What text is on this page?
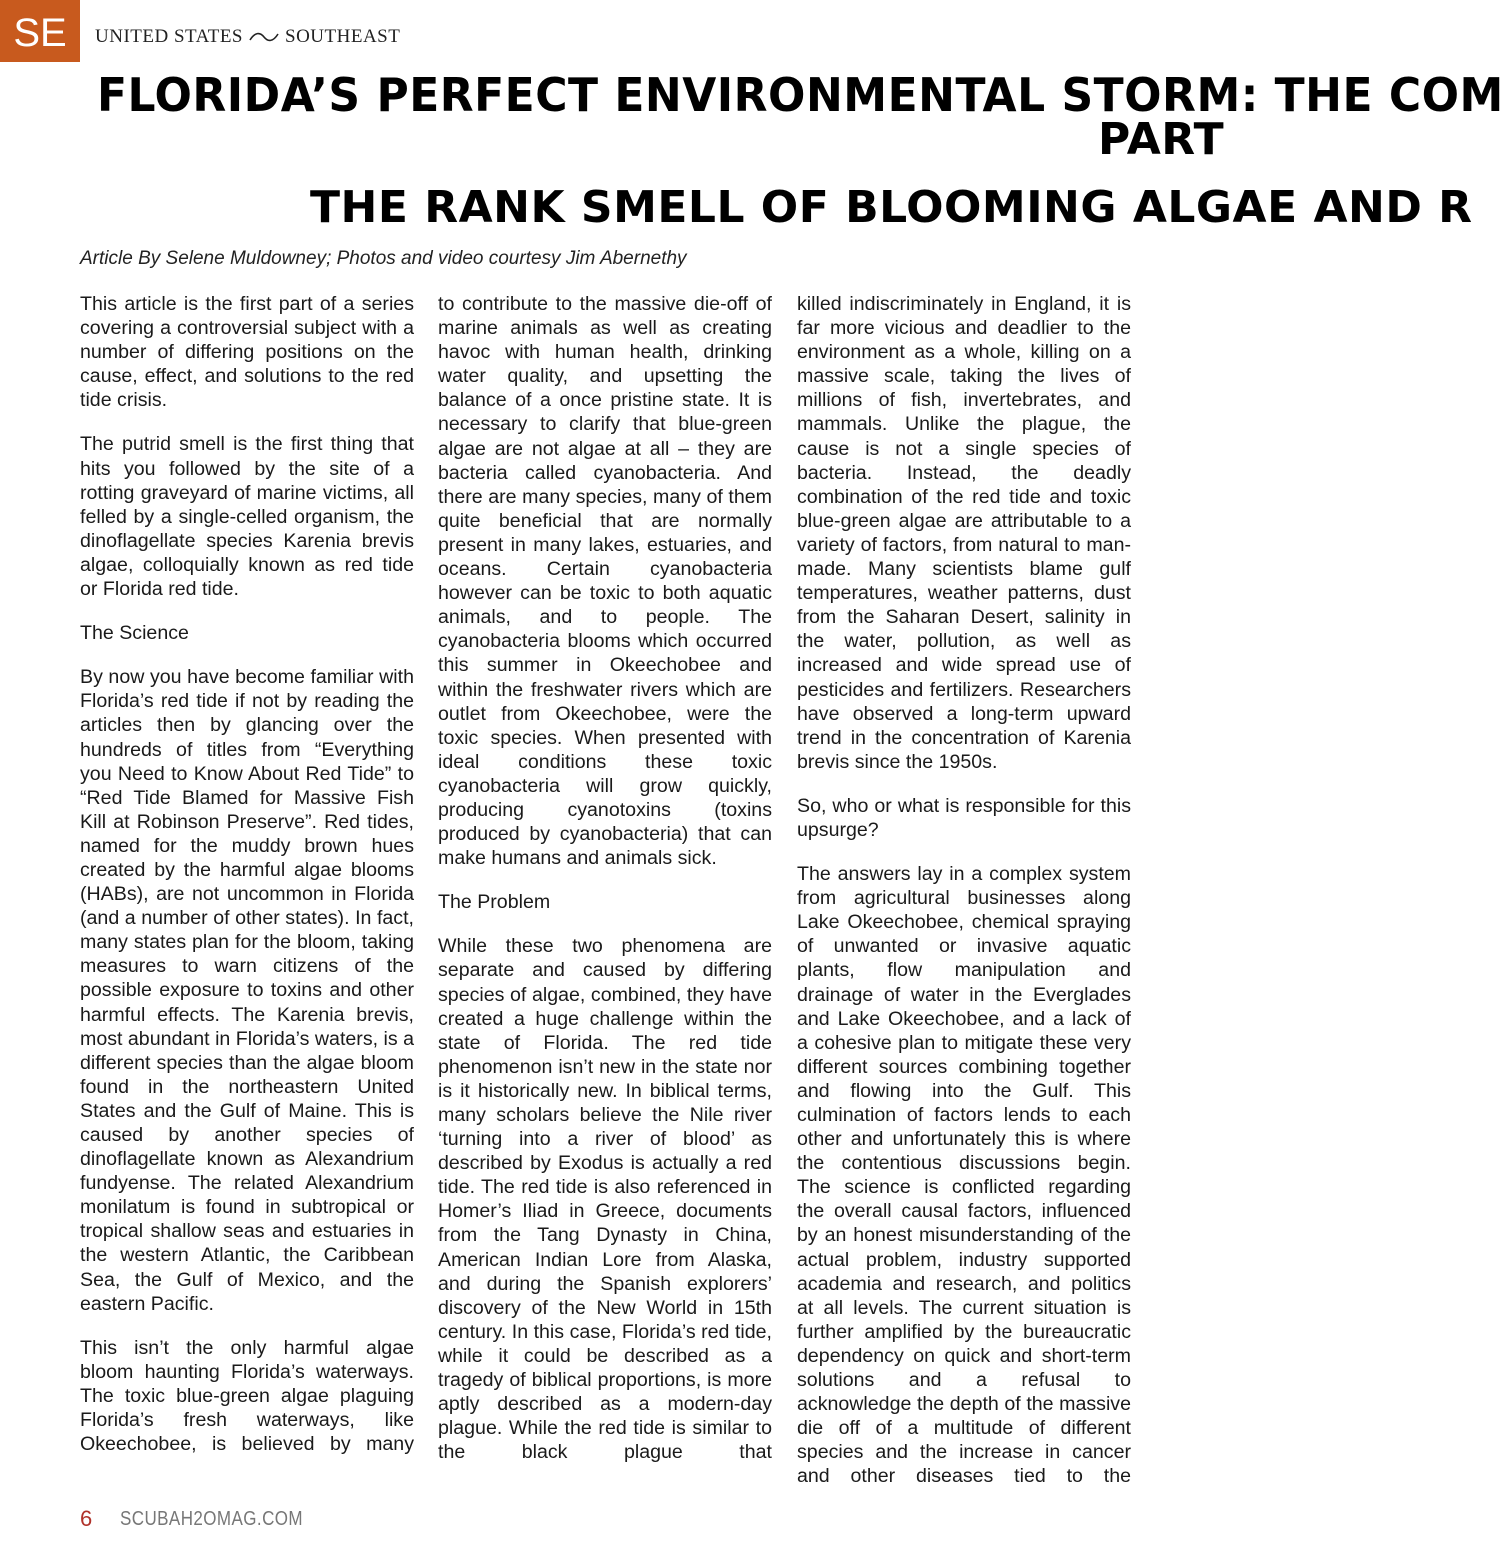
SE	UNITED STATES SOUTHEAST
FLORIDA’S PERFECT ENVIRONMENTAL STORM: THE COM
PART
THE RANK SMELL OF BLOOMING ALGAE AND R
Article By Selene Muldowney; Photos and video courtesy Jim Abernethy

This article is the first part of a series covering a controversial subject with a number of differing positions on the cause, effect, and solutions to the red tide crisis.

The putrid smell is the first thing that hits you followed by the site of a rotting graveyard of marine victims, all felled by a single-celled organism, the dinoflagellate species Karenia brevis algae, colloquially known as red tide or Florida red tide.

The Science

By now you have become familiar with Florida’s red tide if not by reading the articles then by glancing over the hundreds of titles from “Everything you Need to Know About Red Tide” to “Red Tide Blamed for Massive Fish Kill at Robinson Preserve”. Red tides, named for the muddy brown hues created by the harmful algae blooms (HABs), are not uncommon in Florida (and a number of other states). In fact, many states plan for the bloom, taking measures to warn citizens of the possible exposure to toxins and other harmful effects. The Karenia brevis, most abundant in Florida’s waters, is a different species than the algae bloom found in the northeastern United States and the Gulf of Maine. This is caused by another species of dinoflagellate known as Alexandrium fundyense. The related Alexandrium monilatum is found in subtropical or tropical shallow seas and estuaries in the western Atlantic, the Caribbean Sea, the Gulf of Mexico, and the eastern Pacific.

This isn’t the only harmful algae bloom haunting Florida’s waterways. The toxic blue-green algae plaguing Florida’s fresh waterways, like Okeechobee, is believed by many

to contribute to the massive die-off of marine animals as well as creating havoc with human health, drinking water quality, and upsetting the balance of a once pristine state. It is necessary to clarify that blue-green algae are not algae at all – they are bacteria called cyanobacteria. And there are many species, many of them quite beneficial that are normally present in many lakes, estuaries, and oceans. Certain cyanobacteria however can be toxic to both aquatic animals, and to people. The cyanobacteria blooms which occurred this summer in Okeechobee and within the freshwater rivers which are outlet from Okeechobee, were the toxic species. When presented with ideal conditions these toxic cyanobacteria will grow quickly, producing cyanotoxins (toxins produced by cyanobacteria) that can make humans and animals sick.

The Problem

While these two phenomena are separate and caused by differing species of algae, combined, they have created a huge challenge within the state of Florida. The red tide phenomenon isn’t new in the state nor is it historically new. In biblical terms, many scholars believe the Nile river ‘turning into a river of blood’ as described by Exodus is actually a red tide. The red tide is also referenced in Homer’s Iliad in Greece, documents from the Tang Dynasty in China, American Indian Lore from Alaska, and during the Spanish explorers’ discovery of the New World in 15th century. In this case, Florida’s red tide, while it could be described as a tragedy of biblical proportions, is more aptly described as a modern-day plague. While the red tide is similar to the black plague that

killed indiscriminately in England, it is far more vicious and deadlier to the environment as a whole, killing on a massive scale, taking the lives of millions of fish, invertebrates, and mammals. Unlike the plague, the cause is not a single species of bacteria. Instead, the deadly combination of the red tide and toxic blue-green algae are attributable to a variety of factors, from natural to man-made. Many scientists blame gulf temperatures, weather patterns, dust from the Saharan Desert, salinity in the water, pollution, as well as increased and wide spread use of pesticides and fertilizers. Researchers have observed a long-term upward trend in the concentration of Karenia brevis since the 1950s.

So, who or what is responsible for this upsurge?

The answers lay in a complex system from agricultural businesses along Lake Okeechobee, chemical spraying of unwanted or invasive aquatic plants, flow manipulation and drainage of water in the Everglades and Lake Okeechobee, and a lack of a cohesive plan to mitigate these very different sources combining together and flowing into the Gulf. This culmination of factors lends to each other and unfortunately this is where the contentious discussions begin. The science is conflicted regarding the overall causal factors, influenced by an honest misunderstanding of the actual problem, industry supported academia and research, and politics at all levels. The current situation is further amplified by the bureaucratic dependency on quick and short-term solutions and a refusal to acknowledge the depth of the massive die off of a multitude of different species and the increase in cancer and other diseases tied to the

6 SCUBAH2OMAG.COM
